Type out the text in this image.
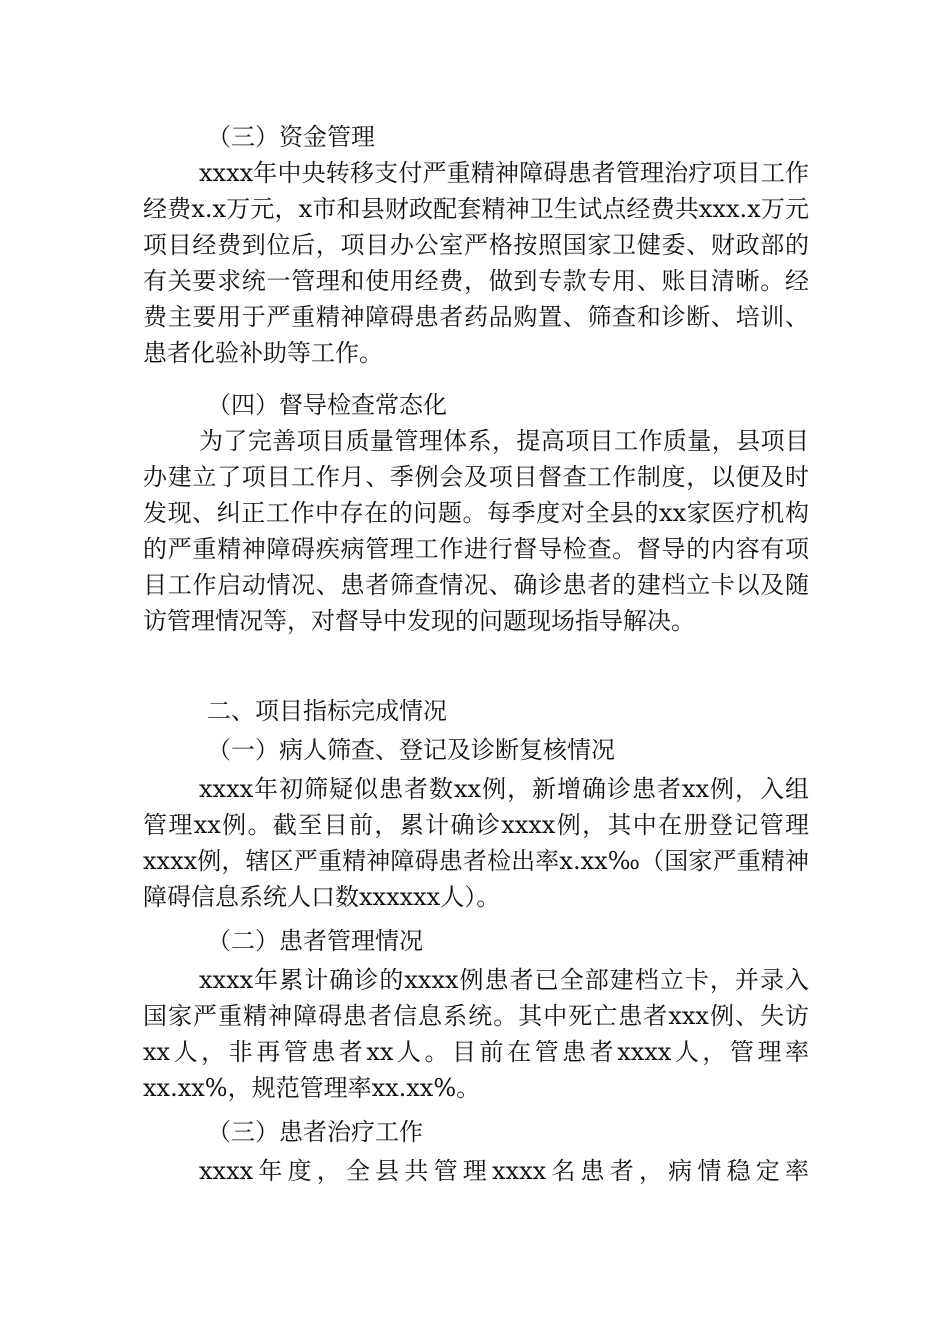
（三）资金管理
xxxx年中央转移支付严重精神障碍患者管理治疗项目工作经费x.x万元，x市和县财政配套精神卫生试点经费共xxx.x万元项目经费到位后，项目办公室严格按照国家卫健委、财政部的有关要求统一管理和使用经费，做到专款专用、账目清晰。经费主要用于严重精神障碍患者药品购置、筛查和诊断、培训、患者化验补助等工作。
（四）督导检查常态化
为了完善项目质量管理体系，提高项目工作质量，县项目办建立了项目工作月、季例会及项目督查工作制度，以便及时发现、纠正工作中存在的问题。每季度对全县的xx家医疗机构的严重精神障碍疾病管理工作进行督导检查。督导的内容有项目工作启动情况、患者筛查情况、确诊患者的建档立卡以及随访管理情况等，对督导中发现的问题现场指导解决。
二、项目指标完成情况
（一）病人筛查、登记及诊断复核情况
xxxx年初筛疑似患者数xx例，新增确诊患者xx例，入组管理xx例。截至目前，累计确诊xxxx例，其中在册登记管理xxxx例，辖区严重精神障碍患者检出率x.xx‰（国家严重精神障碍信息系统人口数xxxxxx人）。
（二）患者管理情况
xxxx年累计确诊的xxxx例患者已全部建档立卡，并录入国家严重精神障碍患者信息系统。其中死亡患者xxx例、失访xx人，非再管患者xx人。目前在管患者xxxx人，管理率xx.xx%，规范管理率xx.xx%。
（三）患者治疗工作
xxxx年度，全县共管理xxxx名患者，病情稳定率
